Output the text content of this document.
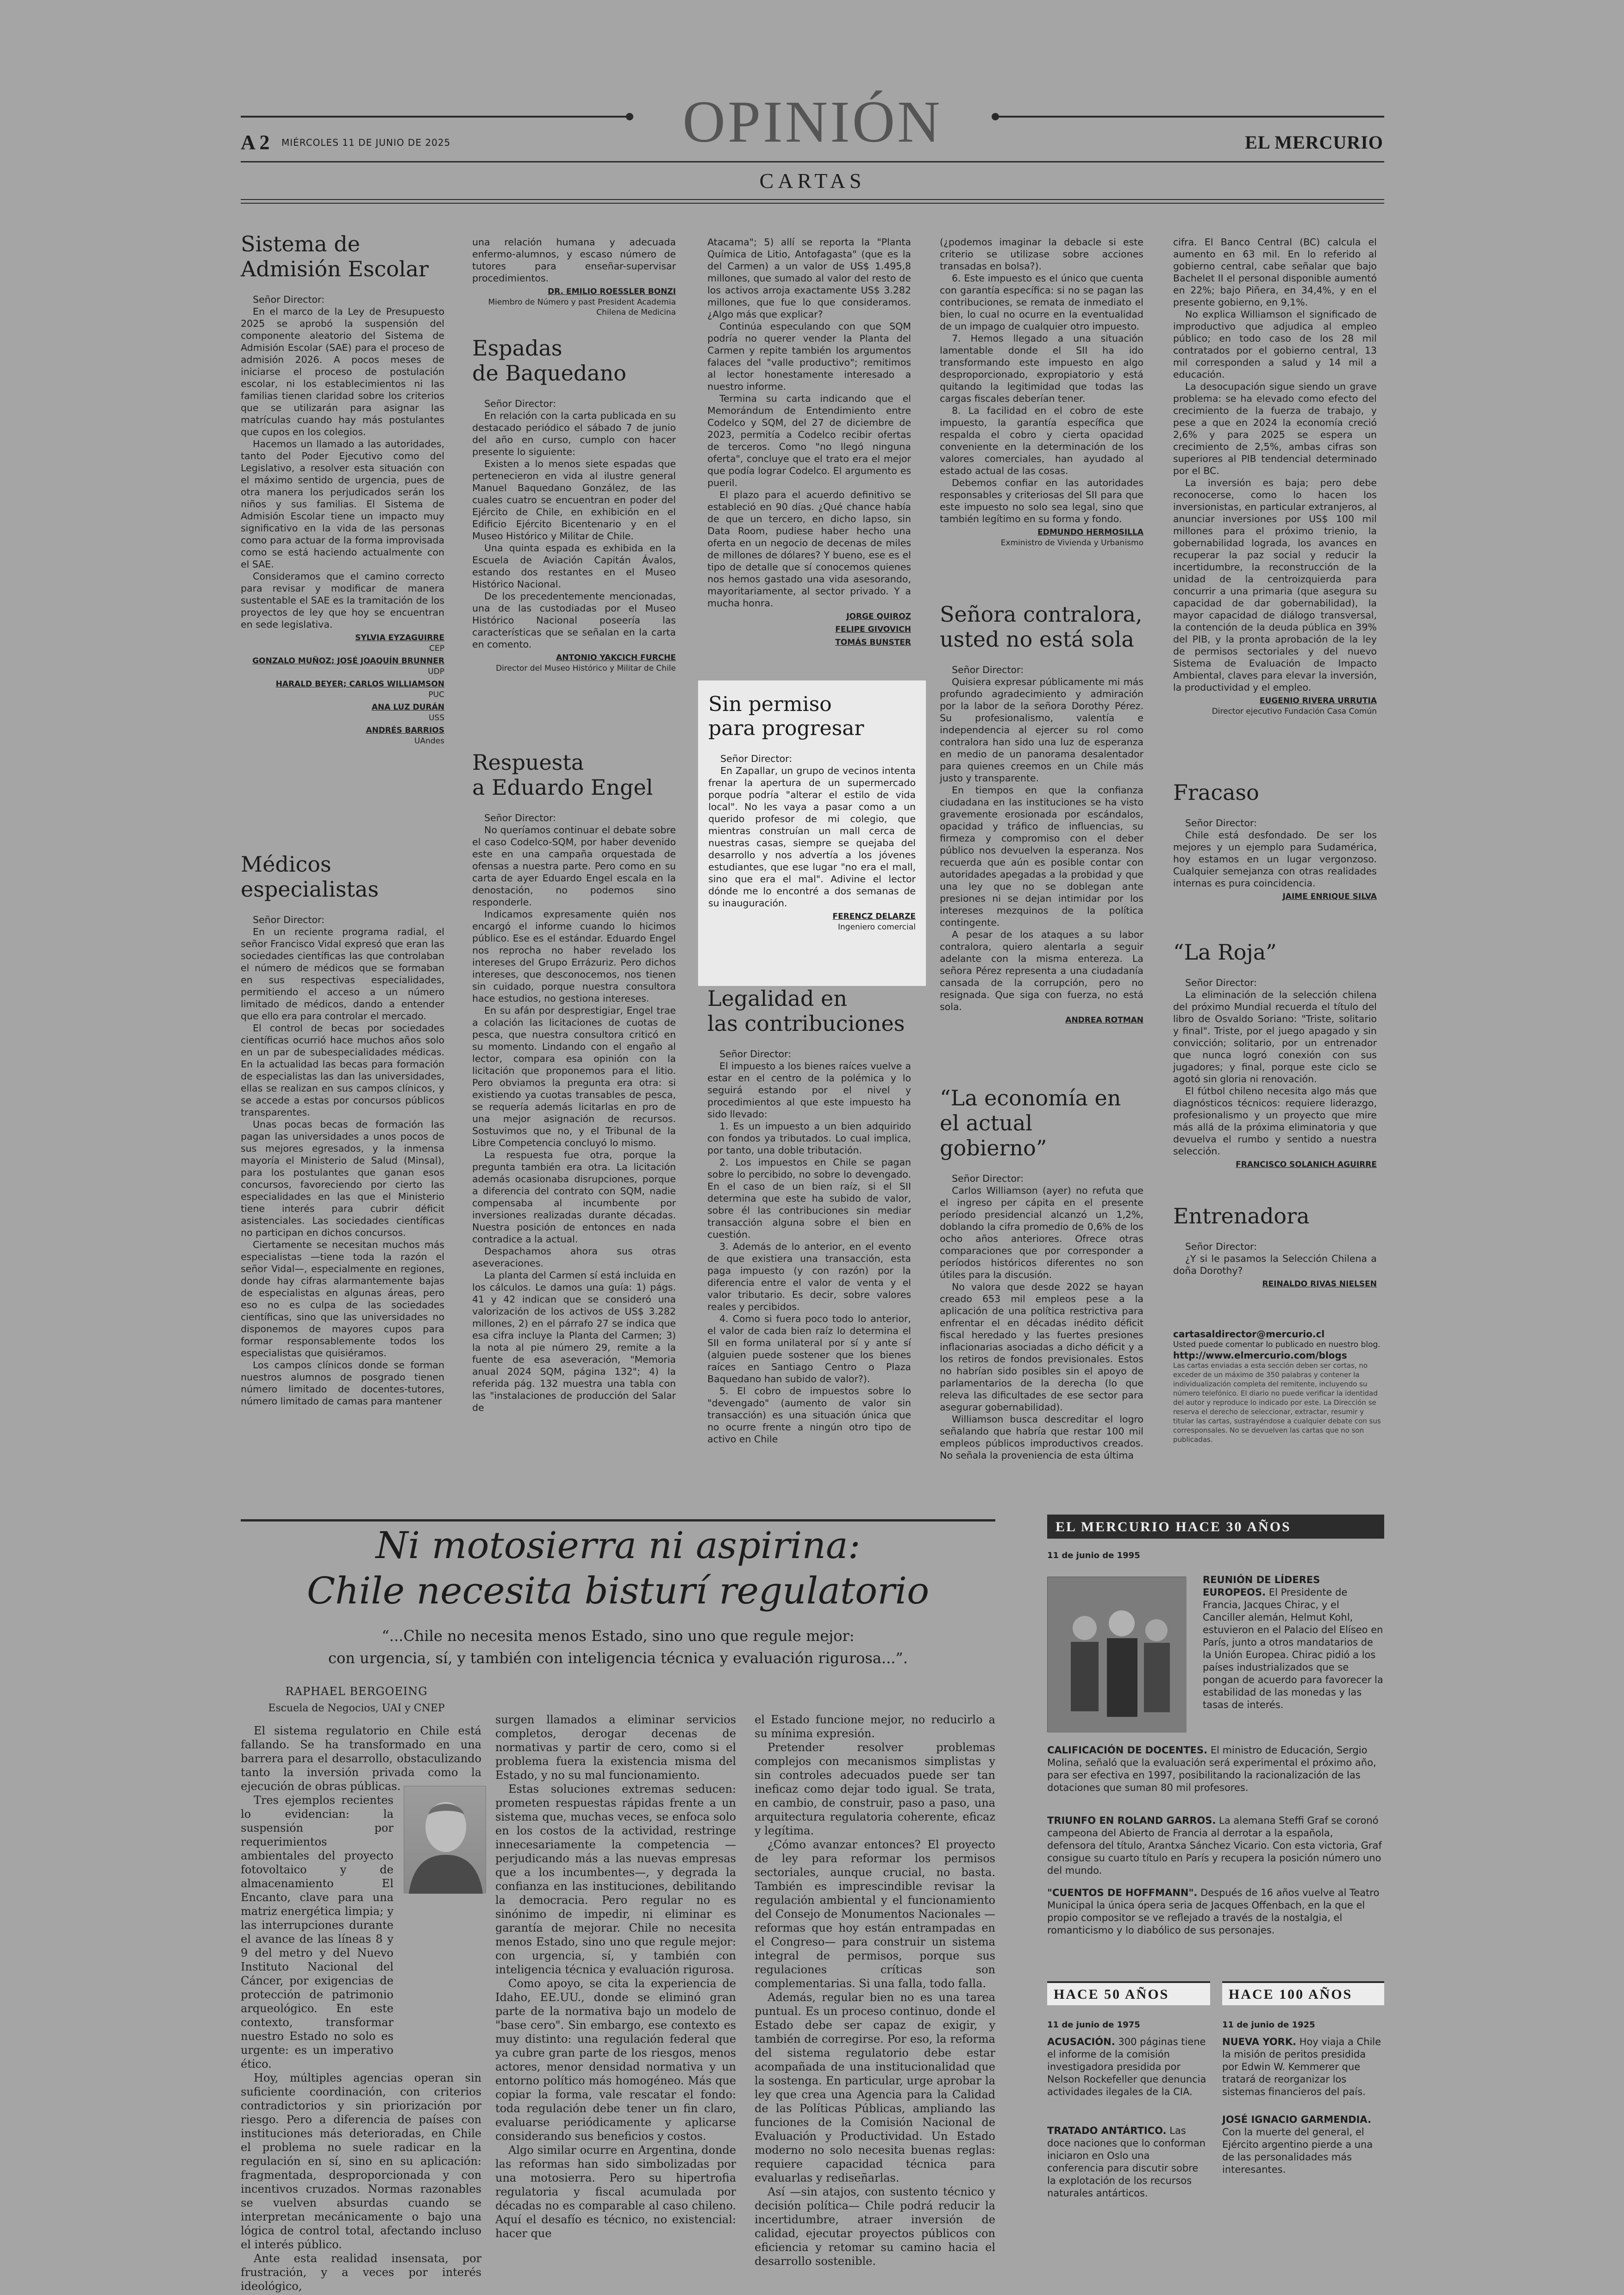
OPINIÓN
A 2 MIÉRCOLES 11 DE JUNIO DE 2025	EL MERCURIO
CARTAS
Sistema de
Admisión Escolar

Señor Director:

En el marco de la Ley de Presupuesto 2025 se aprobó la suspensión del componente aleatorio del Sistema de Admisión Escolar (SAE) para el proceso de admisión 2026. A pocos meses de iniciarse el proceso de postulación escolar, ni los establecimientos ni las familias tienen claridad sobre los criterios que se utilizarán para asignar las matrículas cuando hay más postulantes que cupos en los colegios.

Hacemos un llamado a las autoridades, tanto del Poder Ejecutivo como del Legislativo, a resolver esta situación con el máximo sentido de urgencia, pues de otra manera los perjudicados serán los niños y sus familias. El Sistema de Admisión Escolar tiene un impacto muy significativo en la vida de las personas como para actuar de la forma improvisada como se está haciendo actualmente con el SAE.

Consideramos que el camino correcto para revisar y modificar de manera sustentable el SAE es la tramitación de los proyectos de ley que hoy se encuentran en sede legislativa.

SYLVIA EYZAGUIRRE
CEP
GONZALO MUÑOZ; JOSÉ JOAQUÍN BRUNNER
UDP
HARALD BEYER; CARLOS WILLIAMSON
PUC
ANA LUZ DURÁN
USS
ANDRÉS BARRIOS
UAndes
Médicos
especialistas

Señor Director:

En un reciente programa radial, el señor Francisco Vidal expresó que eran las sociedades científicas las que controlaban el número de médicos que se formaban en sus respectivas especialidades, permitiendo el acceso a un número limitado de médicos, dando a entender que ello era para controlar el mercado.

El control de becas por sociedades científicas ocurrió hace muchos años solo en un par de subespecialidades médicas. En la actualidad las becas para formación de especialistas las dan las universidades, ellas se realizan en sus campos clínicos, y se accede a estas por concursos públicos transparentes.

Unas pocas becas de formación las pagan las universidades a unos pocos de sus mejores egresados, y la inmensa mayoría el Ministerio de Salud (Minsal), para los postulantes que ganan esos concursos, favoreciendo por cierto las especialidades en las que el Ministerio tiene interés para cubrir déficit asistenciales. Las sociedades científicas no participan en dichos concursos.

Ciertamente se necesitan muchos más especialistas —tiene toda la razón el señor Vidal—, especialmente en regiones, donde hay cifras alarmantemente bajas de especialistas en algunas áreas, pero eso no es culpa de las sociedades científicas, sino que las universidades no disponemos de mayores cupos para formar responsablemente todos los especialistas que quisiéramos.

Los campos clínicos donde se forman nuestros alumnos de posgrado tienen número limitado de docentes-tutores, número limitado de camas para mantener

una relación humana y adecuada enfermo-alumnos, y escaso número de tutores para enseñar-supervisar procedimientos.

DR. EMILIO ROESSLER BONZI
Miembro de Número y past President Academia Chilena de Medicina
Espadas
de Baquedano

Señor Director:

En relación con la carta publicada en su destacado periódico el sábado 7 de junio del año en curso, cumplo con hacer presente lo siguiente:

Existen a lo menos siete espadas que pertenecieron en vida al ilustre general Manuel Baquedano González, de las cuales cuatro se encuentran en poder del Ejército de Chile, en exhibición en el Edificio Ejército Bicentenario y en el Museo Histórico y Militar de Chile.

Una quinta espada es exhibida en la Escuela de Aviación Capitán Ávalos, estando dos restantes en el Museo Histórico Nacional.

De los precedentemente mencionadas, una de las custodiadas por el Museo Histórico Nacional poseería las características que se señalan en la carta en comento.

ANTONIO YAKCICH FURCHE
Director del Museo Histórico y Militar de Chile
Respuesta
a Eduardo Engel

Señor Director:

No queríamos continuar el debate sobre el caso Codelco-SQM, por haber devenido este en una campaña orquestada de ofensas a nuestra parte. Pero como en su carta de ayer Eduardo Engel escala en la denostación, no podemos sino responderle.

Indicamos expresamente quién nos encargó el informe cuando lo hicimos público. Ese es el estándar. Eduardo Engel nos reprocha no haber revelado los intereses del Grupo Errázuriz. Pero dichos intereses, que desconocemos, nos tienen sin cuidado, porque nuestra consultora hace estudios, no gestiona intereses.

En su afán por desprestigiar, Engel trae a colación las licitaciones de cuotas de pesca, que nuestra consultora criticó en su momento. Lindando con el engaño al lector, compara esa opinión con la licitación que proponemos para el litio. Pero obviamos la pregunta era otra: si existiendo ya cuotas transables de pesca, se requería además licitarlas en pro de una mejor asignación de recursos. Sostuvimos que no, y el Tribunal de la Libre Competencia concluyó lo mismo.

La respuesta fue otra, porque la pregunta también era otra. La licitación además ocasionaba disrupciones, porque a diferencia del contrato con SQM, nadie compensaba al incumbente por inversiones realizadas durante décadas. Nuestra posición de entonces en nada contradice a la actual.

Despachamos ahora sus otras aseveraciones.

La planta del Carmen sí está incluida en los cálculos. Le damos una guía: 1) págs. 41 y 42 indican que se consideró una valorización de los activos de US$ 3.282 millones, 2) en el párrafo 27 se indica que esa cifra incluye la Planta del Carmen; 3) la nota al pie número 29, remite a la fuente de esa aseveración, "Memoria anual 2024 SQM, página 132"; 4) la referida pág. 132 muestra una tabla con las "instalaciones de producción del Salar de

Atacama"; 5) allí se reporta la "Planta Química de Litio, Antofagasta" (que es la del Carmen) a un valor de US$ 1.495,8 millones, que sumado al valor del resto de los activos arroja exactamente US$ 3.282 millones, que fue lo que consideramos. ¿Algo más que explicar?

Continúa especulando con que SQM podría no querer vender la Planta del Carmen y repite también los argumentos falaces del "valle productivo"; remitimos al lector honestamente interesado a nuestro informe.

Termina su carta indicando que el Memorándum de Entendimiento entre Codelco y SQM, del 27 de diciembre de 2023, permitía a Codelco recibir ofertas de terceros. Como "no llegó ninguna oferta", concluye que el trato era el mejor que podía lograr Codelco. El argumento es pueril.

El plazo para el acuerdo definitivo se estableció en 90 días. ¿Qué chance había de que un tercero, en dicho lapso, sin Data Room, pudiese haber hecho una oferta en un negocio de decenas de miles de millones de dólares? Y bueno, ese es el tipo de detalle que sí conocemos quienes nos hemos gastado una vida asesorando, mayoritariamente, al sector privado. Y a mucha honra.

JORGE QUIROZ
FELIPE GIVOVICH
TOMÁS BUNSTER
Sin permiso
para progresar

Señor Director:

En Zapallar, un grupo de vecinos intenta frenar la apertura de un supermercado porque podría "alterar el estilo de vida local". No les vaya a pasar como a un querido profesor de mi colegio, que mientras construían un mall cerca de nuestras casas, siempre se quejaba del desarrollo y nos advertía a los jóvenes estudiantes, que ese lugar "no era el mall, sino que era el mal". Adivine el lector dónde me lo encontré a dos semanas de su inauguración.

FERENCZ DELARZE
Ingeniero comercial
Legalidad en
las contribuciones

Señor Director:

El impuesto a los bienes raíces vuelve a estar en el centro de la polémica y lo seguirá estando por el nivel y procedimientos al que este impuesto ha sido llevado:

1. Es un impuesto a un bien adquirido con fondos ya tributados. Lo cual implica, por tanto, una doble tributación.

2. Los impuestos en Chile se pagan sobre lo percibido, no sobre lo devengado. En el caso de un bien raíz, si el SII determina que este ha subido de valor, sobre él las contribuciones sin mediar transacción alguna sobre el bien en cuestión.

3. Además de lo anterior, en el evento de que existiera una transacción, esta paga impuesto (y con razón) por la diferencia entre el valor de venta y el valor tributario. Es decir, sobre valores reales y percibidos.

4. Como si fuera poco todo lo anterior, el valor de cada bien raíz lo determina el SII en forma unilateral por sí y ante sí (alguien puede sostener que los bienes raíces en Santiago Centro o Plaza Baquedano han subido de valor?).

5. El cobro de impuestos sobre lo "devengado" (aumento de valor sin transacción) es una situación única que no ocurre frente a ningún otro tipo de activo en Chile

(¿podemos imaginar la debacle si este criterio se utilizase sobre acciones transadas en bolsa?).

6. Este impuesto es el único que cuenta con garantía específica: si no se pagan las contribuciones, se remata de inmediato el bien, lo cual no ocurre en la eventualidad de un impago de cualquier otro impuesto.

7. Hemos llegado a una situación lamentable donde el SII ha ido transformando este impuesto en algo desproporcionado, expropiatorio y está quitando la legitimidad que todas las cargas fiscales deberían tener.

8. La facilidad en el cobro de este impuesto, la garantía específica que respalda el cobro y cierta opacidad conveniente en la determinación de los valores comerciales, han ayudado al estado actual de las cosas.

Debemos confiar en las autoridades responsables y criteriosas del SII para que este impuesto no solo sea legal, sino que también legítimo en su forma y fondo.

EDMUNDO HERMOSILLA
Exministro de Vivienda y Urbanismo
Señora contralora,
usted no está sola

Señor Director:

Quisiera expresar públicamente mi más profundo agradecimiento y admiración por la labor de la señora Dorothy Pérez. Su profesionalismo, valentía e independencia al ejercer su rol como contralora han sido una luz de esperanza en medio de un panorama desalentador para quienes creemos en un Chile más justo y transparente.

En tiempos en que la confianza ciudadana en las instituciones se ha visto gravemente erosionada por escándalos, opacidad y tráfico de influencias, su firmeza y compromiso con el deber público nos devuelven la esperanza. Nos recuerda que aún es posible contar con autoridades apegadas a la probidad y que una ley que no se doblegan ante presiones ni se dejan intimidar por los intereses mezquinos de la política contingente.

A pesar de los ataques a su labor contralora, quiero alentarla a seguir adelante con la misma entereza. La señora Pérez representa a una ciudadanía cansada de la corrupción, pero no resignada. Que siga con fuerza, no está sola.

ANDREA ROTMAN
“La economía en
el actual gobierno”

Señor Director:

Carlos Williamson (ayer) no refuta que el ingreso per cápita en el presente período presidencial alcanzó un 1,2%, doblando la cifra promedio de 0,6% de los ocho años anteriores. Ofrece otras comparaciones que por corresponder a períodos históricos diferentes no son útiles para la discusión.

No valora que desde 2022 se hayan creado 653 mil empleos pese a la aplicación de una política restrictiva para enfrentar el en décadas inédito déficit fiscal heredado y las fuertes presiones inflacionarias asociadas a dicho déficit y a los retiros de fondos previsionales. Estos no habrían sido posibles sin el apoyo de parlamentarios de la derecha (lo que releva las dificultades de ese sector para asegurar gobernabilidad).

Williamson busca descreditar el logro señalando que habría que restar 100 mil empleos públicos improductivos creados. No señala la proveniencia de esta última

cifra. El Banco Central (BC) calcula el aumento en 63 mil. En lo referido al gobierno central, cabe señalar que bajo Bachelet II el personal disponible aumentó en 22%; bajo Piñera, en 34,4%, y en el presente gobierno, en 9,1%.

No explica Williamson el significado de improductivo que adjudica al empleo público; en todo caso de los 28 mil contratados por el gobierno central, 13 mil corresponden a salud y 14 mil a educación.

La desocupación sigue siendo un grave problema: se ha elevado como efecto del crecimiento de la fuerza de trabajo, y pese a que en 2024 la economía creció 2,6% y para 2025 se espera un crecimiento de 2,5%, ambas cifras son superiores al PIB tendencial determinado por el BC.

La inversión es baja; pero debe reconocerse, como lo hacen los inversionistas, en particular extranjeros, al anunciar inversiones por US$ 100 mil millones para el próximo trienio, la gobernabilidad lograda, los avances en recuperar la paz social y reducir la incertidumbre, la reconstrucción de la unidad de la centroizquierda para concurrir a una primaria (que asegura su capacidad de dar gobernabilidad), la mayor capacidad de diálogo transversal, la contención de la deuda pública en 39% del PIB, y la pronta aprobación de la ley de permisos sectoriales y del nuevo Sistema de Evaluación de Impacto Ambiental, claves para elevar la inversión, la productividad y el empleo.

EUGENIO RIVERA URRUTIA
Director ejecutivo Fundación Casa Común
Fracaso

Señor Director:

Chile está desfondado. De ser los mejores y un ejemplo para Sudamérica, hoy estamos en un lugar vergonzoso. Cualquier semejanza con otras realidades internas es pura coincidencia.

JAIME ENRIQUE SILVA
“La Roja”

Señor Director:

La eliminación de la selección chilena del próximo Mundial recuerda el título del libro de Osvaldo Soriano: "Triste, solitario y final". Triste, por el juego apagado y sin convicción; solitario, por un entrenador que nunca logró conexión con sus jugadores; y final, porque este ciclo se agotó sin gloria ni renovación.

El fútbol chileno necesita algo más que diagnósticos técnicos: requiere liderazgo, profesionalismo y un proyecto que mire más allá de la próxima eliminatoria y que devuelva el rumbo y sentido a nuestra selección.

FRANCISCO SOLANICH AGUIRRE
Entrenadora

Señor Director:

¿Y si le pasamos la Selección Chilena a doña Dorothy?

REINALDO RIVAS NIELSEN
cartasaldirector@mercurio.cl
Usted puede comentar lo publicado en nuestro blog.
http://www.elmercurio.com/blogs
Las cartas enviadas a esta sección deben ser cortas, no exceder de un máximo de 350 palabras y contener la individualización completa del remitente, incluyendo su número telefónico. El diario no puede verificar la identidad del autor y reproduce lo indicado por este. La Dirección se reserva el derecho de seleccionar, extractar, resumir y titular las cartas, sustrayéndose a cualquier debate con sus corresponsales. No se devuelven las cartas que no son publicadas.
Ni motosierra ni aspirina:
Chile necesita bisturí regulatorio
“...Chile no necesita menos Estado, sino uno que regule mejor:
con urgencia, sí, y también con inteligencia técnica y evaluación rigurosa...”.
RAPHAEL BERGOEING
Escuela de Negocios, UAI y CNEP

El sistema regulatorio en Chile está fallando. Se ha transformado en una barrera para el desarrollo, obstaculizando tanto la inversión privada como la ejecución de obras públicas.

Tres ejemplos recientes lo evidencian: la suspensión por requerimientos ambientales del proyecto fotovoltaico y de almacenamiento El Encanto, clave para una matriz energética limpia; y las interrupciones durante el avance de las líneas 8 y 9 del metro y del Nuevo Instituto Nacional del Cáncer, por exigencias de protección de patrimonio arqueológico. En este contexto, transformar nuestro Estado no solo es urgente: es un imperativo ético.

Hoy, múltiples agencias operan sin suficiente coordinación, con criterios contradictorios y sin priorización por riesgo. Pero a diferencia de países con instituciones más deterioradas, en Chile el problema no suele radicar en la regulación en sí, sino en su aplicación: fragmentada, desproporcionada y con incentivos cruzados. Normas razonables se vuelven absurdas cuando se interpretan mecánicamente o bajo una lógica de control total, afectando incluso el interés público.

Ante esta realidad insensata, por frustración, y a veces por interés ideológico,

surgen llamados a eliminar servicios completos, derogar decenas de normativas y partir de cero, como si el problema fuera la existencia misma del Estado, y no su mal funcionamiento.

Estas soluciones extremas seducen: prometen respuestas rápidas frente a un sistema que, muchas veces, se enfoca solo en los costos de la actividad, restringe innecesariamente la competencia —perjudicando más a las nuevas empresas que a los incumbentes—, y degrada la confianza en las instituciones, debilitando la democracia. Pero regular no es sinónimo de impedir, ni eliminar es garantía de mejorar. Chile no necesita menos Estado, sino uno que regule mejor: con urgencia, sí, y también con inteligencia técnica y evaluación rigurosa.

Como apoyo, se cita la experiencia de Idaho, EE.UU., donde se eliminó gran parte de la normativa bajo un modelo de "base cero". Sin embargo, ese contexto es muy distinto: una regulación federal que ya cubre gran parte de los riesgos, menos actores, menor densidad normativa y un entorno político más homogéneo. Más que copiar la forma, vale rescatar el fondo: toda regulación debe tener un fin claro, evaluarse periódicamente y aplicarse considerando sus beneficios y costos.

Algo similar ocurre en Argentina, donde las reformas han sido simbolizadas por una motosierra. Pero su hipertrofia regulatoria y fiscal acumulada por décadas no es comparable al caso chileno. Aquí el desafío es técnico, no existencial: hacer que

el Estado funcione mejor, no reducirlo a su mínima expresión.

Pretender resolver problemas complejos con mecanismos simplistas y sin controles adecuados puede ser tan ineficaz como dejar todo igual. Se trata, en cambio, de construir, paso a paso, una arquitectura regulatoria coherente, eficaz y legítima.

¿Cómo avanzar entonces? El proyecto de ley para reformar los permisos sectoriales, aunque crucial, no basta. También es imprescindible revisar la regulación ambiental y el funcionamiento del Consejo de Monumentos Nacionales —reformas que hoy están entrampadas en el Congreso— para construir un sistema integral de permisos, porque sus regulaciones críticas son complementarias. Si una falla, todo falla.

Además, regular bien no es una tarea puntual. Es un proceso continuo, donde el Estado debe ser capaz de exigir, y también de corregirse. Por eso, la reforma del sistema regulatorio debe estar acompañada de una institucionalidad que la sostenga. En particular, urge aprobar la ley que crea una Agencia para la Calidad de las Políticas Públicas, ampliando las funciones de la Comisión Nacional de Evaluación y Productividad. Un Estado moderno no solo necesita buenas reglas: requiere capacidad técnica para evaluarlas y rediseñarlas.

Así —sin atajos, con sustento técnico y decisión política— Chile podrá reducir la incertidumbre, atraer inversión de calidad, ejecutar proyectos públicos con eficiencia y retomar su camino hacia el desarrollo sostenible.

EL MERCURIO HACE 30 AÑOS
11 de junio de 1995
REUNIÓN DE LÍDERES EUROPEOS. El Presidente de Francia, Jacques Chirac, y el Canciller alemán, Helmut Kohl, estuvieron en el Palacio del Elíseo en París, junto a otros mandatarios de la Unión Europea. Chirac pidió a los países industrializados que se pongan de acuerdo para favorecer la estabilidad de las monedas y las tasas de interés.
CALIFICACIÓN DE DOCENTES. El ministro de Educación, Sergio Molina, señaló que la evaluación será experimental el próximo año, para ser efectiva en 1997, posibilitando la racionalización de las dotaciones que suman 80 mil profesores.
TRIUNFO EN ROLAND GARROS. La alemana Steffi Graf se coronó campeona del Abierto de Francia al derrotar a la española, defensora del título, Arantxa Sánchez Vicario. Con esta victoria, Graf consigue su cuarto título en París y recupera la posición número uno del mundo.
"CUENTOS DE HOFFMANN". Después de 16 años vuelve al Teatro Municipal la única ópera seria de Jacques Offenbach, en la que el propio compositor se ve reflejado a través de la nostalgia, el romanticismo y lo diabólico de sus personajes.
HACE 50 AÑOS
11 de junio de 1975
ACUSACIÓN. 300 páginas tiene el informe de la comisión investigadora presidida por Nelson Rockefeller que denuncia actividades ilegales de la CIA.
TRATADO ANTÁRTICO. Las doce naciones que lo conforman iniciaron en Oslo una conferencia para discutir sobre la explotación de los recursos naturales antárticos.
HACE 100 AÑOS
11 de junio de 1925
NUEVA YORK. Hoy viaja a Chile la misión de peritos presidida por Edwin W. Kemmerer que tratará de reorganizar los sistemas financieros del país.
JOSÉ IGNACIO GARMENDIA. Con la muerte del general, el Ejército argentino pierde a una de las personalidades más interesantes.
